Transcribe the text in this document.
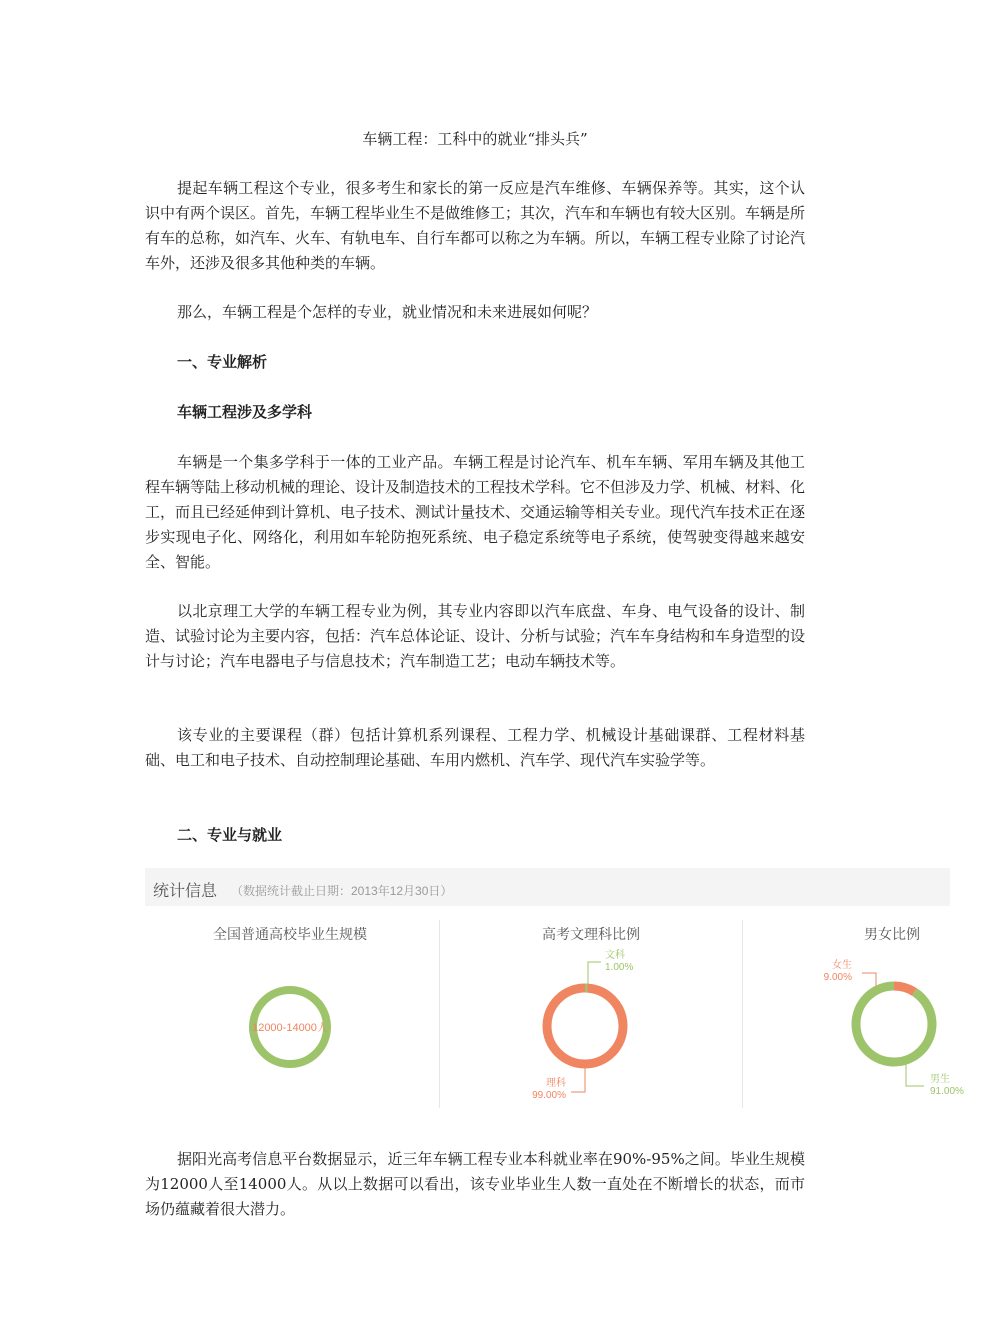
车辆工程：工科中的就业“排头兵”

提起车辆工程这个专业，很多考生和家长的第一反应是汽车维修、车辆保养等。其实，这个认识中有两个误区。首先，车辆工程毕业生不是做维修工；其次，汽车和车辆也有较大区别。车辆是所有车的总称，如汽车、火车、有轨电车、自行车都可以称之为车辆。所以，车辆工程专业除了讨论汽车外，还涉及很多其他种类的车辆。

那么，车辆工程是个怎样的专业，就业情况和未来进展如何呢？

一、专业解析

车辆工程涉及多学科

车辆是一个集多学科于一体的工业产品。车辆工程是讨论汽车、机车车辆、军用车辆及其他工程车辆等陆上移动机械的理论、设计及制造技术的工程技术学科。它不但涉及力学、机械、材料、化工，而且已经延伸到计算机、电子技术、测试计量技术、交通运输等相关专业。现代汽车技术正在逐步实现电子化、网络化，利用如车轮防抱死系统、电子稳定系统等电子系统，使驾驶变得越来越安全、智能。

以北京理工大学的车辆工程专业为例，其专业内容即以汽车底盘、车身、电气设备的设计、制造、试验讨论为主要内容，包括：汽车总体论证、设计、分析与试验；汽车车身结构和车身造型的设计与讨论；汽车电器电子与信息技术；汽车制造工艺；电动车辆技术等。

该专业的主要课程（群）包括计算机系列课程、工程力学、机械设计基础课群、工程材料基础、电工和电子技术、自动控制理论基础、车用内燃机、汽车学、现代汽车实验学等。

二、专业与就业

统计信息 （数据统计截止日期：2013年12月30日）
全国普通高校毕业生规模
12000-14000人
高考文理科比例
文科
1.00%
理科
99.00%
男女比例
女生
9.00%
男生
91.00%

据阳光高考信息平台数据显示，近三年车辆工程专业本科就业率在90%-95%之间。毕业生规模为12000人至14000人。从以上数据可以看出，该专业毕业生人数一直处在不断增长的状态，而市场仍蕴藏着很大潜力。
